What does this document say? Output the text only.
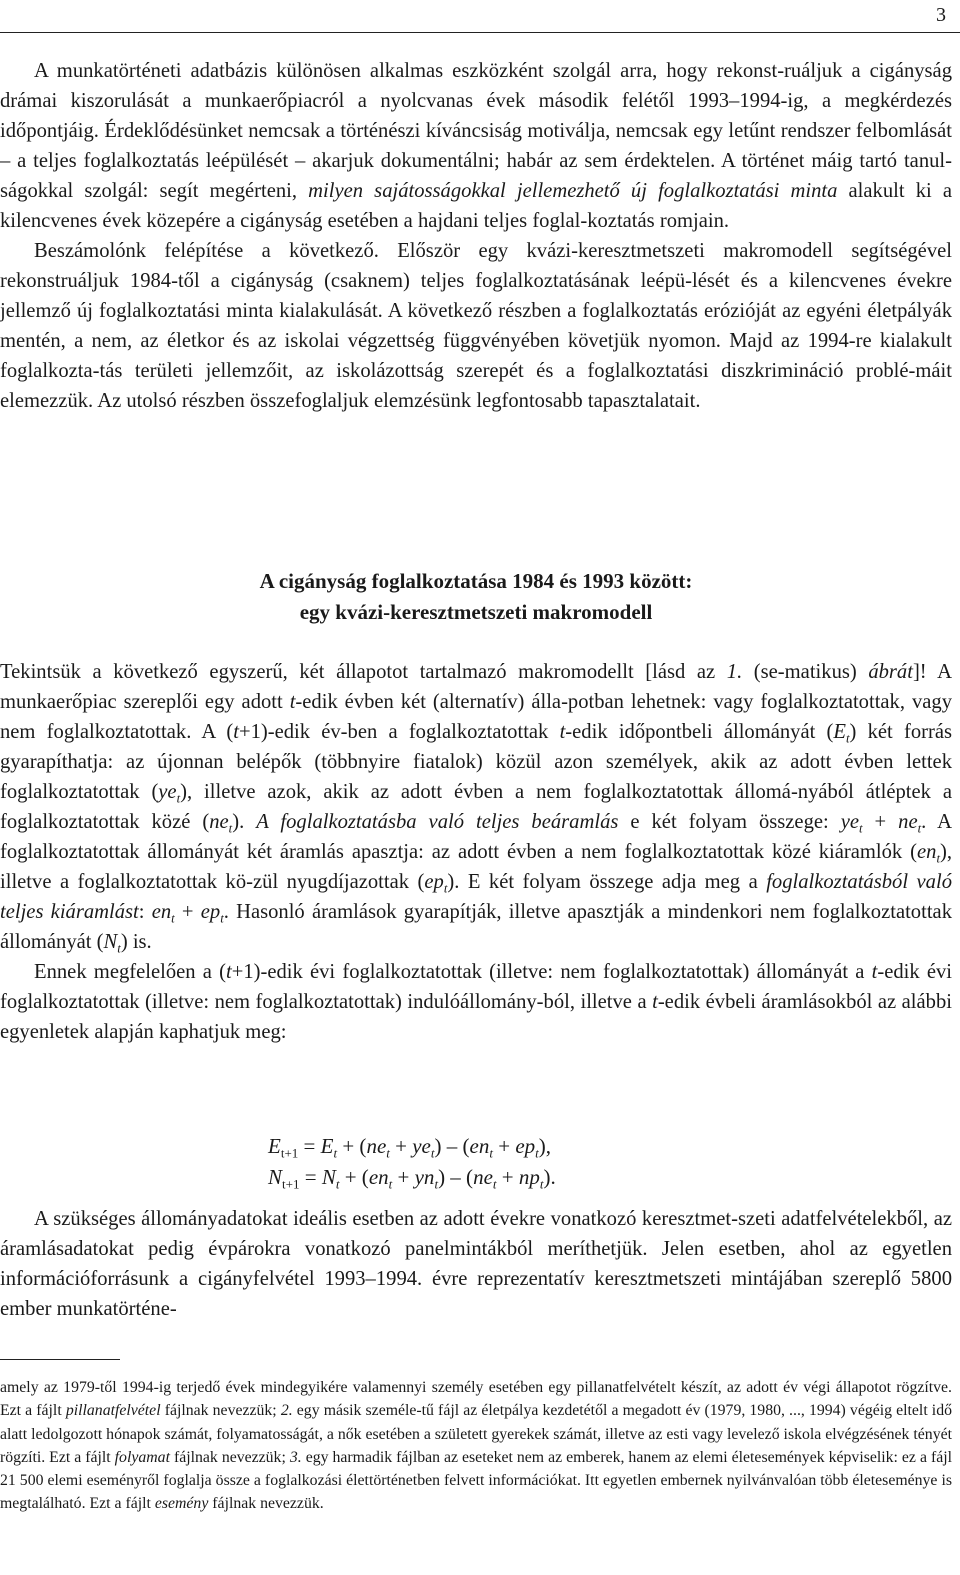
3

A munkatörténeti adatbázis különösen alkalmas eszközként szolgál arra, hogy rekonst-ruáljuk a cigányság drámai kiszorulását a munkaerőpiacról a nyolcvanas évek második felétől 1993–1994-ig, a megkérdezés időpontjáig. Érdeklődésünket nemcsak a történészi kíváncsiság motiválja, nemcsak egy letűnt rendszer felbomlását – a teljes foglalkoztatás leépülését – akarjuk dokumentálni; habár az sem érdektelen. A történet máig tartó tanul-ságokkal szolgál: segít megérteni, milyen sajátosságokkal jellemezhető új foglalkoztatási minta alakult ki a kilencvenes évek közepére a cigányság esetében a hajdani teljes foglal-koztatás romjain.

Beszámolónk felépítése a következő. Először egy kvázi-keresztmetszeti makromodell segítségével rekonstruáljuk 1984-től a cigányság (csaknem) teljes foglalkoztatásának leépü-lését és a kilencvenes évekre jellemző új foglalkoztatási minta kialakulását. A következő részben a foglalkoztatás erózióját az egyéni életpályák mentén, a nem, az életkor és az iskolai végzettség függvényében követjük nyomon. Majd az 1994-re kialakult foglalkozta-tás területi jellemzőit, az iskolázottság szerepét és a foglalkoztatási diszkrimináció problé-máit elemezzük. Az utolsó részben összefoglaljuk elemzésünk legfontosabb tapasztalatait.

A cigányság foglalkoztatása 1984 és 1993 között:
egy kvázi-keresztmetszeti makromodell

Tekintsük a következő egyszerű, két állapotot tartalmazó makromodellt [lásd az 1. (se-matikus) ábrát]! A munkaerőpiac szereplői egy adott t-edik évben két (alternatív) álla-potban lehetnek: vagy foglalkoztatottak, vagy nem foglalkoztatottak. A (t+1)-edik év-ben a foglalkoztatottak t-edik időpontbeli állományát $(E_t)$ két forrás gyarapíthatja: az újonnan belépők (többnyire fiatalok) közül azon személyek, akik az adott évben lettek foglalkoztatottak $(ye_t)$, illetve azok, akik az adott évben a nem foglalkoztatottak állomá-nyából átléptek a foglalkoztatottak közé $(ne_t)$. A foglalkoztatásba való teljes beáramlás e két folyam összege: $ye_t + ne_t$. A foglalkoztatottak állományát két áramlás apasztja: az adott évben a nem foglalkoztatottak közé kiáramlók $(en_t)$, illetve a foglalkoztatottak kö-zül nyugdíjazottak $(ep_t)$. E két folyam összege adja meg a foglalkoztatásból való teljes kiáramlást: $en_t + ep_t$. Hasonló áramlások gyarapítják, illetve apasztják a mindenkori nem foglalkoztatottak állományát $(N_t)$ is.

Ennek megfelelően a (t+1)-edik évi foglalkoztatottak (illetve: nem foglalkoztatottak) állományát a t-edik évi foglalkoztatottak (illetve: nem foglalkoztatottak) indulóállomány-ból, illetve a t-edik évbeli áramlásokból az alábbi egyenletek alapján kaphatjuk meg:

$E_{t+1} = E_t + (ne_t + ye_t) - (en_t + ep_t)$,
$N_{t+1} = N_t + (en_t + yn_t) - (ne_t + np_t)$.

A szükséges állományadatokat ideális esetben az adott évekre vonatkozó keresztmet-szeti adatfelvételekből, az áramlásadatokat pedig évpárokra vonatkozó panelmintákból meríthetjük. Jelen esetben, ahol az egyetlen információforrásunk a cigányfelvétel 1993–1994. évre reprezentatív keresztmetszeti mintájában szereplő 5800 ember munkatörténe-

amely az 1979-től 1994-ig terjedő évek mindegyikére valamennyi személy esetében egy pillanatfelvételt készít, az adott év végi állapotot rögzítve. Ezt a fájlt pillanatfelvétel fájlnak nevezzük; 2. egy másik személe-tű fájl az életpálya kezdetétől a megadott év (1979, 1980, ..., 1994) végéig eltelt idő alatt ledolgozott hónapok számát, folyamatosságát, a nők esetében a született gyerekek számát, illetve az esti vagy levelező iskola elvégzésének tényét rögzíti. Ezt a fájlt folyamat fájlnak nevezzük; 3. egy harmadik fájlban az eseteket nem az emberek, hanem az elemi életesemények képviselik: ez a fájl 21 500 elemi eseményről foglalja össze a foglalkozási élettörténetben felvett információkat. Itt egyetlen embernek nyilvánvalóan több életeseménye is megtalálható. Ezt a fájlt esemény fájlnak nevezzük.
